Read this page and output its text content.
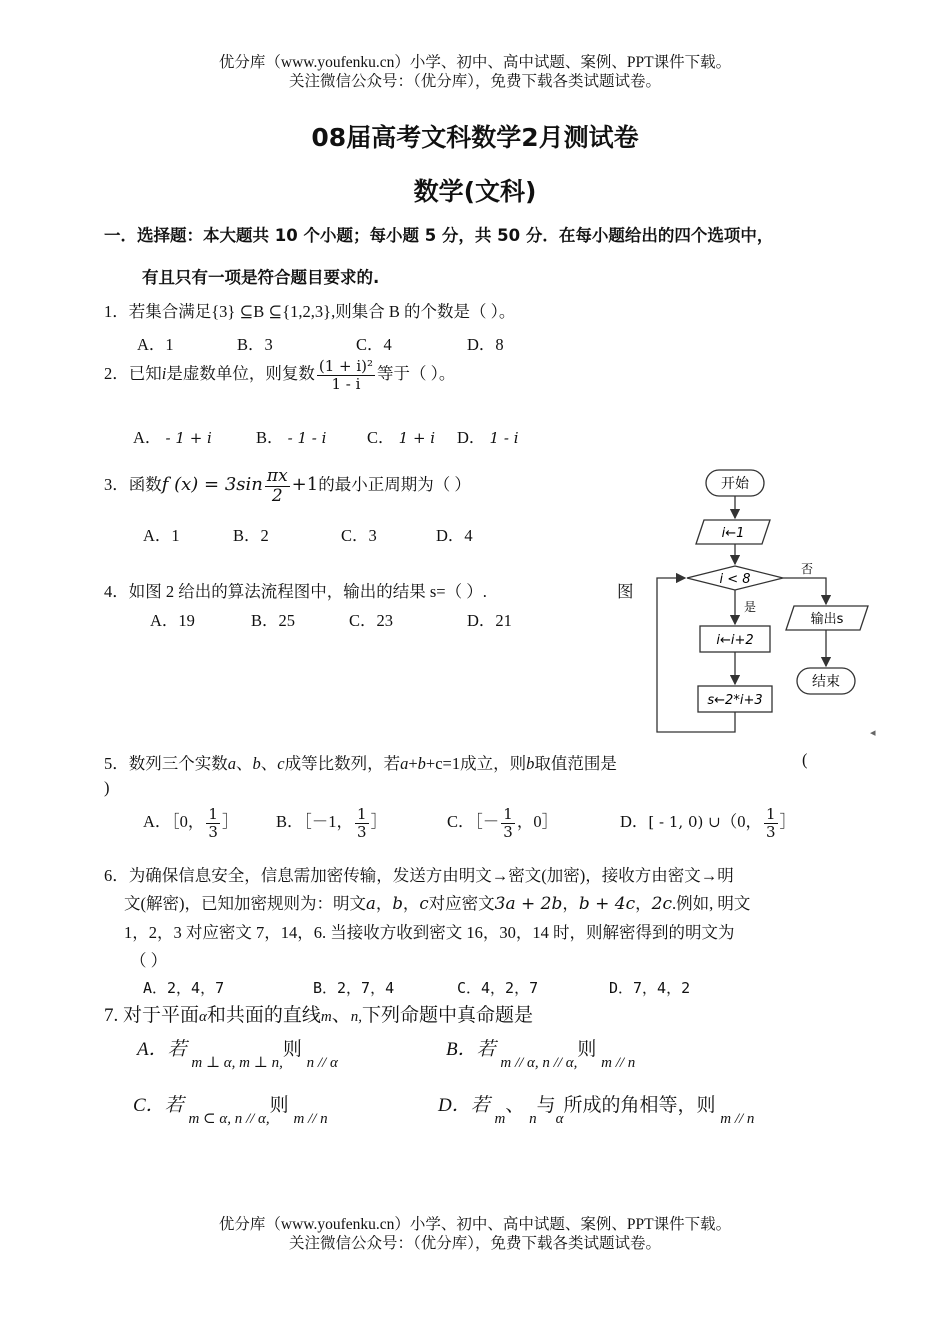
优分库（www.youfenku.cn）小学、初中、高中试题、案例、PPT课件下载。
关注微信公众号：（优分库），免费下载各类试题试卷。
08届高考文科数学2月测试卷
数学(文科)
一．选择题：本大题共 10 个小题；每小题 5 分，共 50 分．在每小题给出的四个选项中，
有且只有一项是符合题目要求的.
1．若集合满足{3} ⊆B ⊆{1,2,3},则集合 B 的个数是（ ）。
A．1	B．3	C．4	D．8
2．已知i是虚数单位，则复数 $\frac{\text{(1 + i)²}}{1 - i}$ 等于（ ）。
A． - 1 + i	B． - 1 - i C． 1 + i D． 1 - i
3．函数f $(x) = 3\sin \frac{\pi x}{2} +1$的最小正周期为（ ）
A．1	B．2	C．3	D．4
4．如图 2 给出的算法流程图中，输出的结果 s=（ ）.	图
A．19	B．25	C．23	D．21
开始
i←1
i < 8
否
输出s
结束
是
i←i+2
s←2*i+3
◂
5．数列三个实数a、b、c成等比数列，若a+b+c=1成立，则b取值范围是	(
)
A．［0， $\frac{1}{3}$ ］ B．［－1， $\frac{1}{3}$ ］	C．［－ $\frac{1}{3}$ ，0］	D．[ - 1, 0) ∪（0， $\frac{1}{3}$ ］
6．为确保信息安全，信息需加密传输，发送方由明文→密文(加密)，接收方由密文→明
文(解密)，已知加密规则为：明文a，b，c对应密文3a + 2b，b + 4c，2c.例如, 明文
1，2，3 对应密文 7，14，6. 当接收方收到密文 16，30，14 时，则解密得到的明文为
（ ）
A．2，4，7	B．2，7，4	C．4，2，7	D．7，4，2
7. 对于平面α和共面的直线m、n,下列命题中真命题是
A．若 $_{m \perp \alpha, m \perp n,}$则 $_{n // \alpha}$
B．若 $_{m // \alpha, n // \alpha,}$则 $_{m // n}$
C．若 $_{m \subset \alpha, n // \alpha,}$则 $_{m // n}$
D．若 $_m$、 $_n$与$_\alpha$所成的角相等，则 $_{m // n}$
优分库（www.youfenku.cn）小学、初中、高中试题、案例、PPT课件下载。
关注微信公众号：（优分库），免费下载各类试题试卷。
